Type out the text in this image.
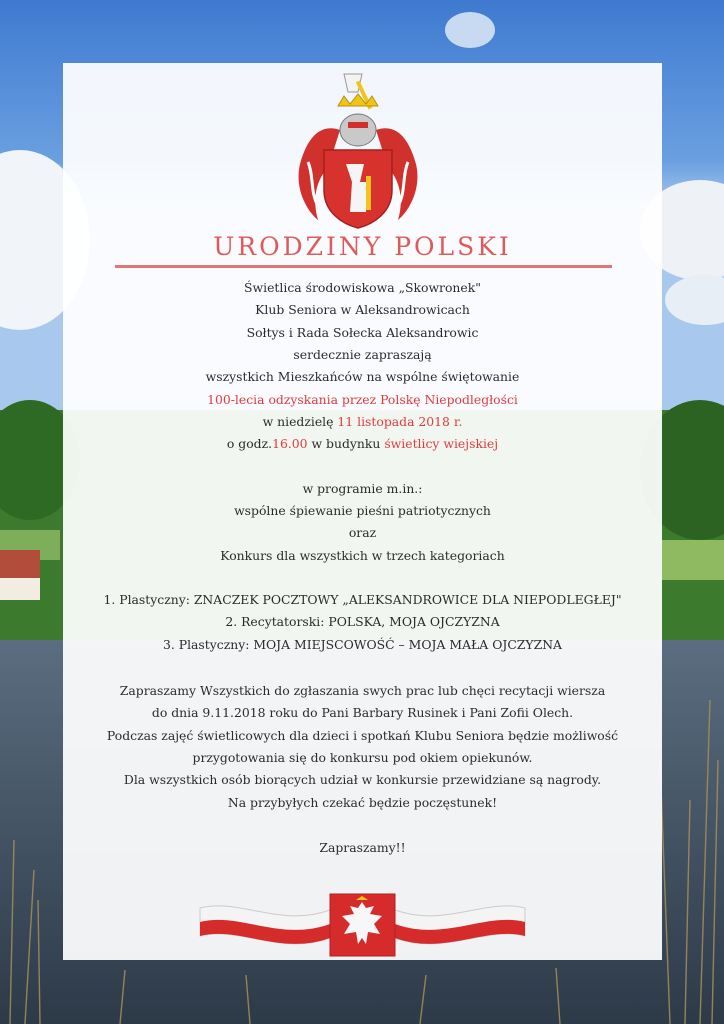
URODZINY POLSKI
Świetlica środowiskowa „Skowronek"
Klub Seniora w Aleksandrowicach
Sołtys i Rada Sołecka Aleksandrowic
serdecznie zapraszają
wszystkich Mieszkańców na wspólne świętowanie
100-lecia odzyskania przez Polskę Niepodległości
w niedzielę 11 listopada 2018 r.
o godz.16.00 w budynku świetlicy wiejskiej
w programie m.in.:
wspólne śpiewanie pieśni patriotycznych
oraz
Konkurs dla wszystkich w trzech kategoriach
1. Plastyczny: ZNACZEK POCZTOWY „ALEKSANDROWICE DLA NIEPODLEGŁEJ"
2. Recytatorski: POLSKA, MOJA OJCZYZNA
3. Plastyczny: MOJA MIEJSCOWOŚĆ – MOJA MAŁA OJCZYZNA
Zapraszamy Wszystkich do zgłaszania swych prac lub chęci recytacji wiersza
do dnia 9.11.2018 roku do Pani Barbary Rusinek i Pani Zofii Olech.
Podczas zajęć świetlicowych dla dzieci i spotkań Klubu Seniora będzie możliwość
przygotowania się do konkursu pod okiem opiekunów.
Dla wszystkich osób biorących udział w konkursie przewidziane są nagrody.
Na przybyłych czekać będzie poczęstunek!
Zapraszamy!!
